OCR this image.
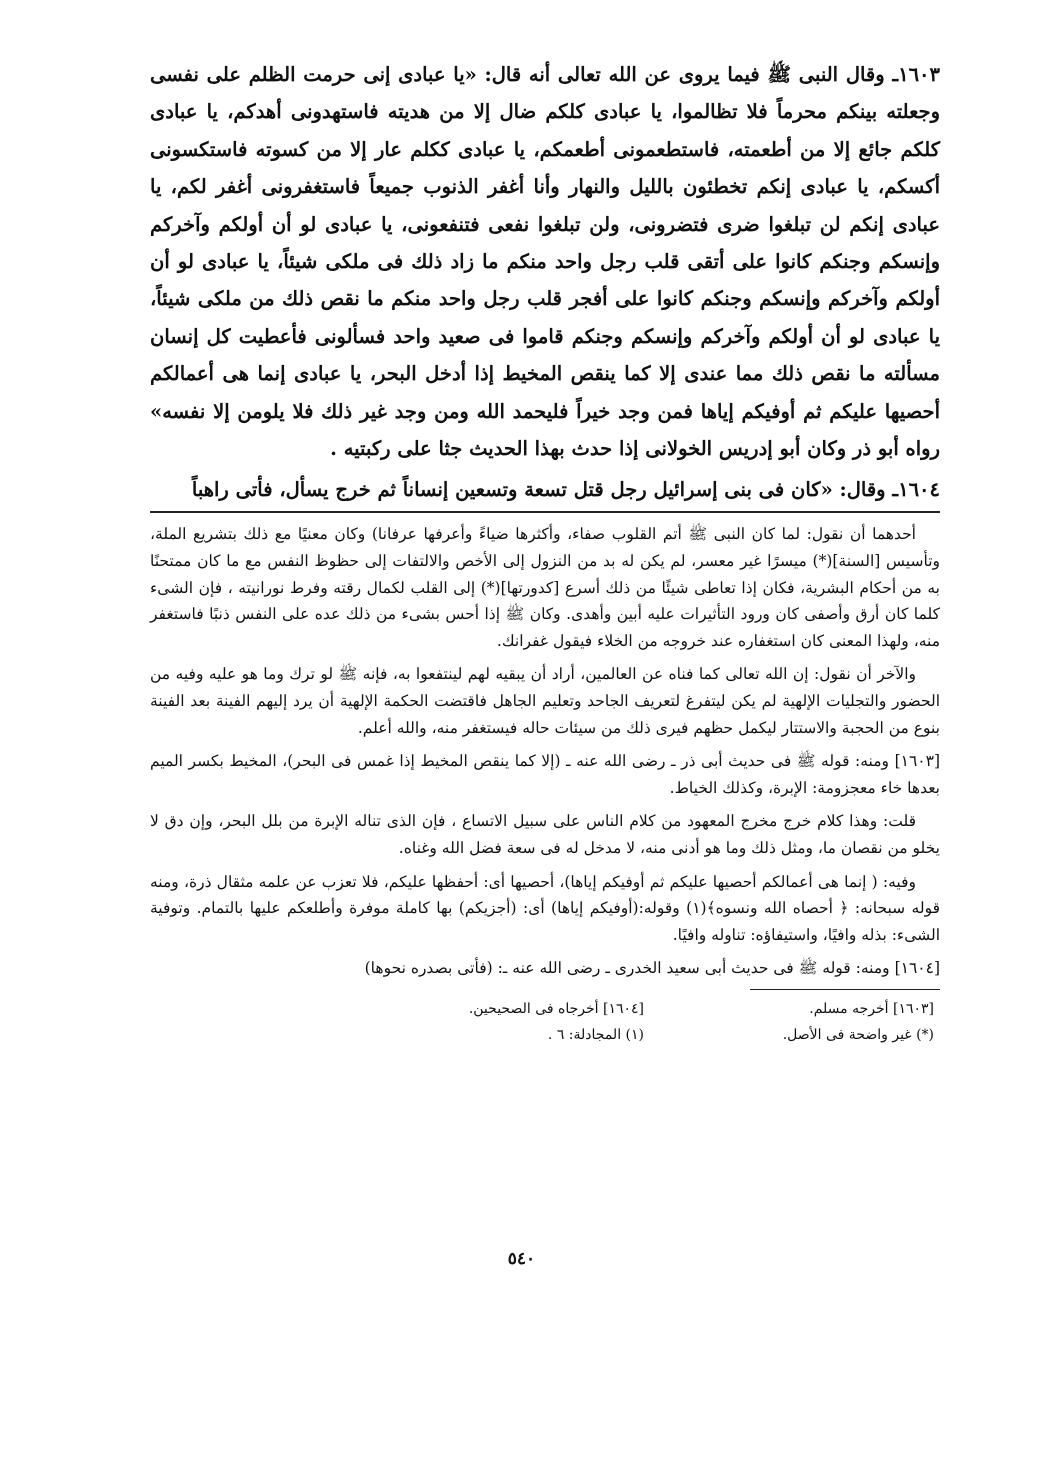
١٦٠٣ـ وقال النبى ﷺ فيما يروى عن الله تعالى أنه قال: «يا عبادى إنى حرمت الظلم على نفسى وجعلته بينكم محرماً فلا تظالموا، يا عبادى كلكم ضال إلا من هديته فاستهدونى أهدكم، يا عبادى كلكم جائع إلا من أطعمته، فاستطعمونى أطعمكم، يا عبادى ككلم عار إلا من كسوته فاستكسونى أكسكم، يا عبادى إنكم تخطئون بالليل والنهار وأنا أغفر الذنوب جميعاً فاستغفرونى أغفر لكم، يا عبادى إنكم لن تبلغوا ضرى فتضرونى، ولن تبلغوا نفعى فتنفعونى، يا عبادى لو أن أولكم وآخركم وإنسكم وجنكم كانوا على أتقى قلب رجل واحد منكم ما زاد ذلك فى ملكى شيئاً، يا عبادى لو أن أولكم وآخركم وإنسكم وجنكم كانوا على أفجر قلب رجل واحد منكم ما نقص ذلك من ملكى شيئاً، يا عبادى لو أن أولكم وآخركم وإنسكم وجنكم قاموا فى صعيد واحد فسألونى فأعطيت كل إنسان مسألته ما نقص ذلك مما عندى إلا كما ينقص المخيط إذا أدخل البحر، يا عبادى إنما هى أعمالكم أحصيها عليكم ثم أوفيكم إياها فمن وجد خيراً فليحمد الله ومن وجد غير ذلك فلا يلومن إلا نفسه» رواه أبو ذر وكان أبو إدريس الخولانى إذا حدث بهذا الحديث جثا على ركبتيه .

١٦٠٤ـ وقال: «كان فى بنى إسرائيل رجل قتل تسعة وتسعين إنساناً ثم خرج يسأل، فأتى راهباً

أحدهما أن نقول: لما كان النبى ﷺ أتم القلوب صفاء، وأكثرها ضياءً وأعرفها عرفانا) وكان معنيًا مع ذلك بتشريع الملة، وتأسيس [السنة](*) ميسرًا غير معسر، لم يكن له بد من النزول إلى الأخص والالتفات إلى حظوظ النفس مع ما كان ممتحنًا به من أحكام البشرية، فكان إذا تعاطى شيئًا من ذلك أسرع [كدورتها](*) إلى القلب لكمال رقته وفرط نورانيته ، فإن الشىء كلما كان أرق وأصفى كان ورود التأثيرات عليه أبين وأهدى. وكان ﷺ إذا أحس بشىء من ذلك عده على النفس ذنبًا فاستغفر منه، ولهذا المعنى كان استغفاره عند خروجه من الخلاء فيقول غفرانك.

والآخر أن نقول: إن الله تعالى كما فناه عن العالمين، أراد أن يبقيه لهم لينتفعوا به، فإنه ﷺ لو ترك وما هو عليه وفيه من الحضور والتجليات الإلهية لم يكن ليتفرغ لتعريف الجاحد وتعليم الجاهل فاقتضت الحكمة الإلهية أن يرد إليهم الفينة بعد الفينة بنوع من الحجبة والاستتار ليكمل حظهم فيرى ذلك من سيئات حاله فيستغفر منه، والله أعلم.

[١٦٠٣] ومنه: قوله ﷺ فى حديث أبى ذر ـ رضى الله عنه ـ (إلا كما ينقص المخيط إذا غمس فى البحر)، المخيط بكسر الميم بعدها خاء معجزومة: الإبرة، وكذلك الخياط.

قلت: وهذا كلام خرج مخرج المعهود من كلام الناس على سبيل الاتساع ، فإن الذى تناله الإبرة من بلل البحر، وإن دق لا يخلو من نقصان ما، ومثل ذلك وما هو أدنى منه، لا مدخل له فى سعة فضل الله وغناه.

وفيه: ( إنما هى أعمالكم أحصيها عليكم ثم أوفيكم إياها)، أحصيها أى: أحفظها عليكم، فلا تعزب عن علمه مثقال ذرة، ومنه قوله سبحانه: ﴿ أحصاه الله ونسوه﴾(١) وقوله:(أوفيكم إياها) أى: (أجزيكم) بها كاملة موفرة وأطلعكم عليها بالتمام. وتوفية الشىء: بذله وافيًا، واستيفاؤه: تناوله وافيًا.

[١٦٠٤] ومنه: قوله ﷺ فى حديث أبى سعيد الخدرى ـ رضى الله عنه ـ: (فأتى بصدره نحوها)

[١٦٠٣] أخرجه مسلم.
[١٦٠٤] أخرجاه فى الصحيحين.
(*) غير واضحة فى الأصل.
(١) المجادلة: ٦ .
٥٤٠
